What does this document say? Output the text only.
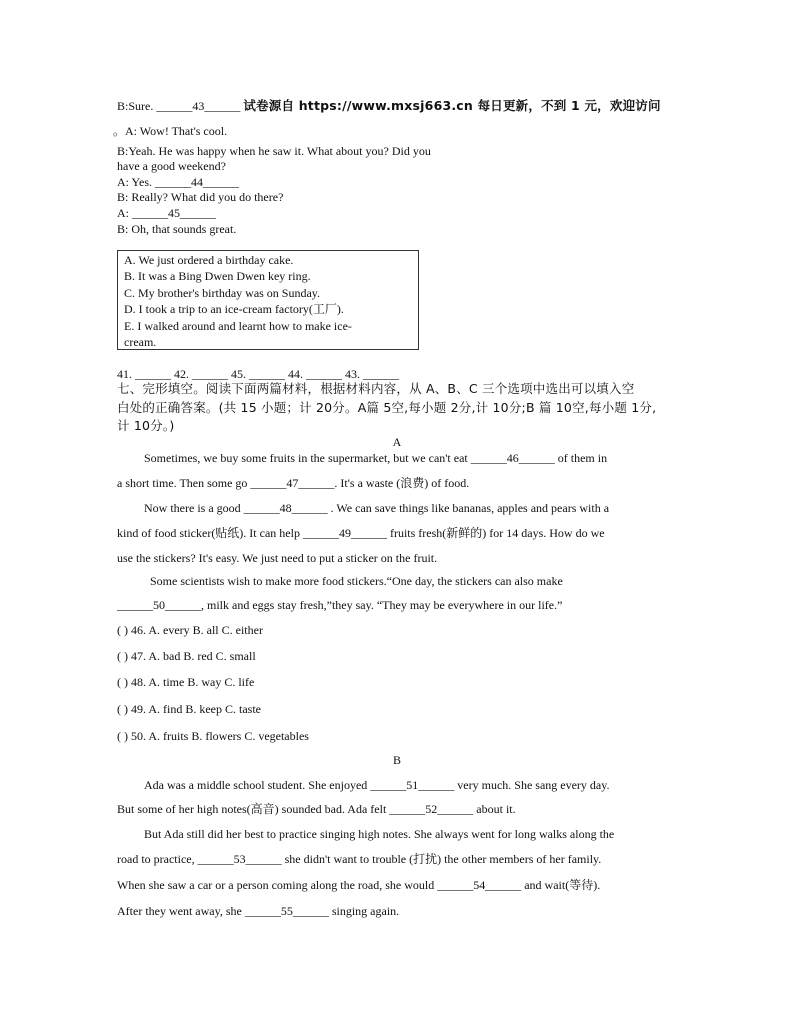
B:Sure. ______43______ 试卷源自 https://www.mxsj663.cn 每日更新，不到 1 元，欢迎访问
。A: Wow! That's cool.
B:Yeah. He was happy when he saw it. What about you? Did you
have a good weekend?
A: Yes. ______44______
B: Really? What did you do there?
A: ______45______
B: Oh, that sounds great.
A. We just ordered a birthday cake.
B. It was a Bing Dwen Dwen key ring.
C. My brother's birthday was on Sunday.
D. I took a trip to an ice-cream factory(工厂).
E. I walked around and learnt how to make ice-
cream.
41. ______ 42. ______ 45. ______ 44. ______ 43. ______
七、完形填空。阅读下面两篇材料，根据材料内容，从 A、B、C 三个选项中选出可以填入空
白处的正确答案。(共 15 小题；计 20分。A篇 5空,每小题 2分,计 10分;B 篇 10空,每小题 1分,
计 10分。)
A
Sometimes, we buy some fruits in the supermarket, but we can't eat ______46______ of them in
a short time. Then some go ______47______. It's a waste (浪费) of food.
Now there is a good ______48______ . We can save things like bananas, apples and pears with a
kind of food sticker(贴纸). It can help ______49______ fruits fresh(新鲜的) for 14 days. How do we
use the stickers? It's easy. We just need to put a sticker on the fruit.
Some scientists wish to make more food stickers.“One day, the stickers can also make
______50______, milk and eggs stay fresh,”they say. “They may be everywhere in our life.”
( ) 46. A. every B. all C. either
( ) 47. A. bad B. red C. small
( ) 48. A. time B. way C. life
( ) 49. A. find B. keep C. taste
( ) 50. A. fruits B. flowers C. vegetables
B
Ada was a middle school student. She enjoyed ______51______ very much. She sang every day.
But some of her high notes(高音) sounded bad. Ada felt ______52______ about it.
But Ada still did her best to practice singing high notes. She always went for long walks along the
road to practice, ______53______ she didn't want to trouble (打扰) the other members of her family.
When she saw a car or a person coming along the road, she would ______54______ and wait(等待).
After they went away, she ______55______ singing again.
